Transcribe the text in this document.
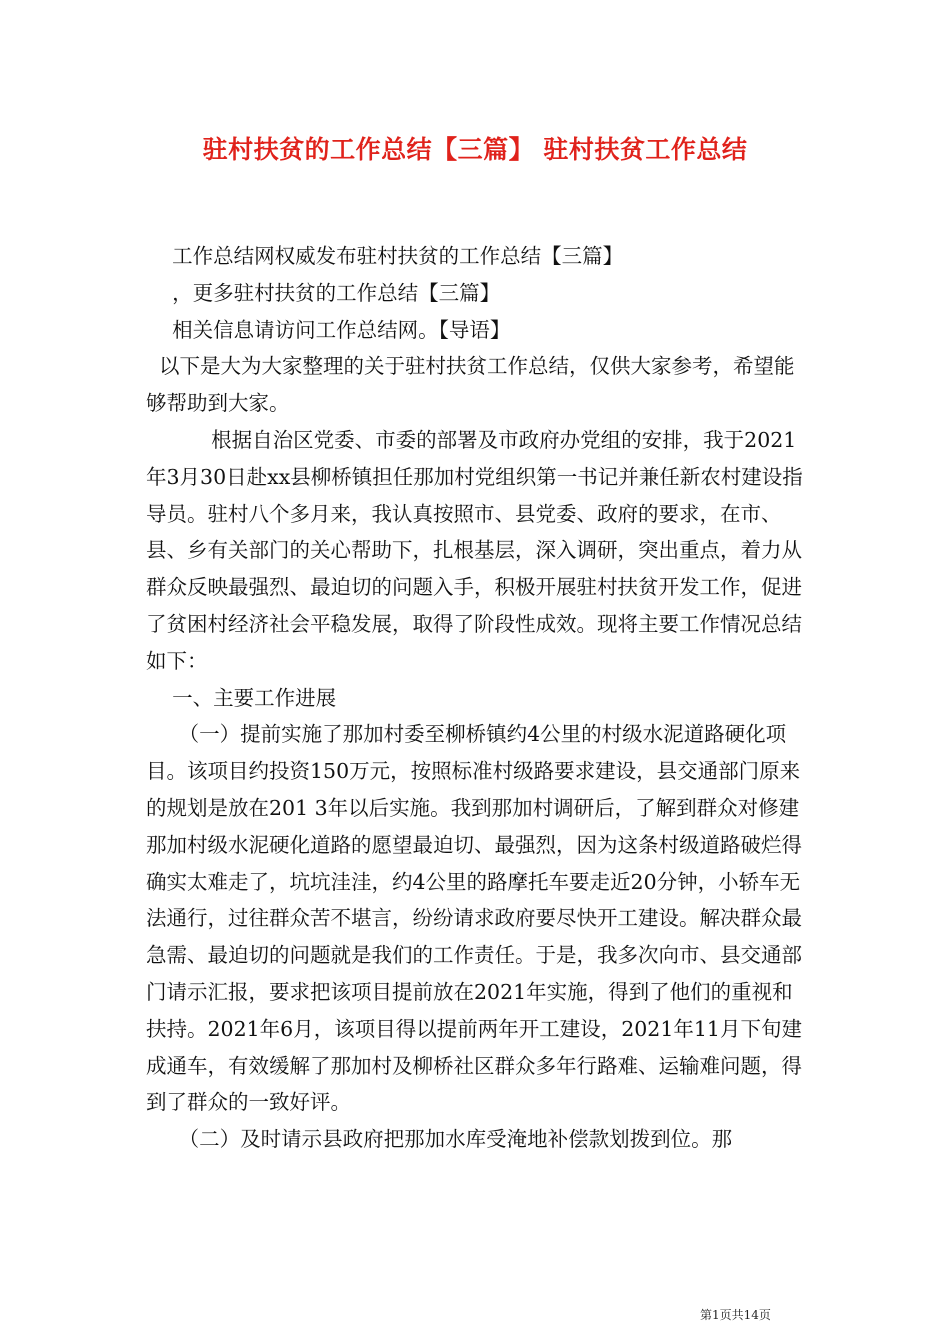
驻村扶贫的工作总结【三篇】 驻村扶贫工作总结

工作总结网权威发布驻村扶贫的工作总结【三篇】

，更多驻村扶贫的工作总结【三篇】

相关信息请访问工作总结网。【导语】

以下是大为大家整理的关于驻村扶贫工作总结，仅供大家参考，希望能够帮助到大家。

根据自治区党委、市委的部署及市政府办党组的安排，我于2021年3月30日赴xx县柳桥镇担任那加村党组织第一书记并兼任新农村建设指导员。驻村八个多月来，我认真按照市、县党委、政府的要求，在市、县、乡有关部门的关心帮助下，扎根基层，深入调研，突出重点，着力从群众反映最强烈、最迫切的问题入手，积极开展驻村扶贫开发工作，促进了贫困村经济社会平稳发展，取得了阶段性成效。现将主要工作情况总结如下：

一、主要工作进展

（一）提前实施了那加村委至柳桥镇约4公里的村级水泥道路硬化项目。该项目约投资150万元，按照标准村级路要求建设，县交通部门原来的规划是放在201 3年以后实施。我到那加村调研后，了解到群众对修建那加村级水泥硬化道路的愿望最迫切、最强烈，因为这条村级道路破烂得确实太难走了，坑坑洼洼，约4公里的路摩托车要走近20分钟，小轿车无法通行，过往群众苦不堪言，纷纷请求政府要尽快开工建设。解决群众最急需、最迫切的问题就是我们的工作责任。于是，我多次向市、县交通部门请示汇报，要求把该项目提前放在2021年实施，得到了他们的重视和扶持。2021年6月，该项目得以提前两年开工建设，2021年11月下旬建成通车，有效缓解了那加村及柳桥社区群众多年行路难、运输难问题，得到了群众的一致好评。

（二）及时请示县政府把那加水库受淹地补偿款划拨到位。那

第1页共14页
